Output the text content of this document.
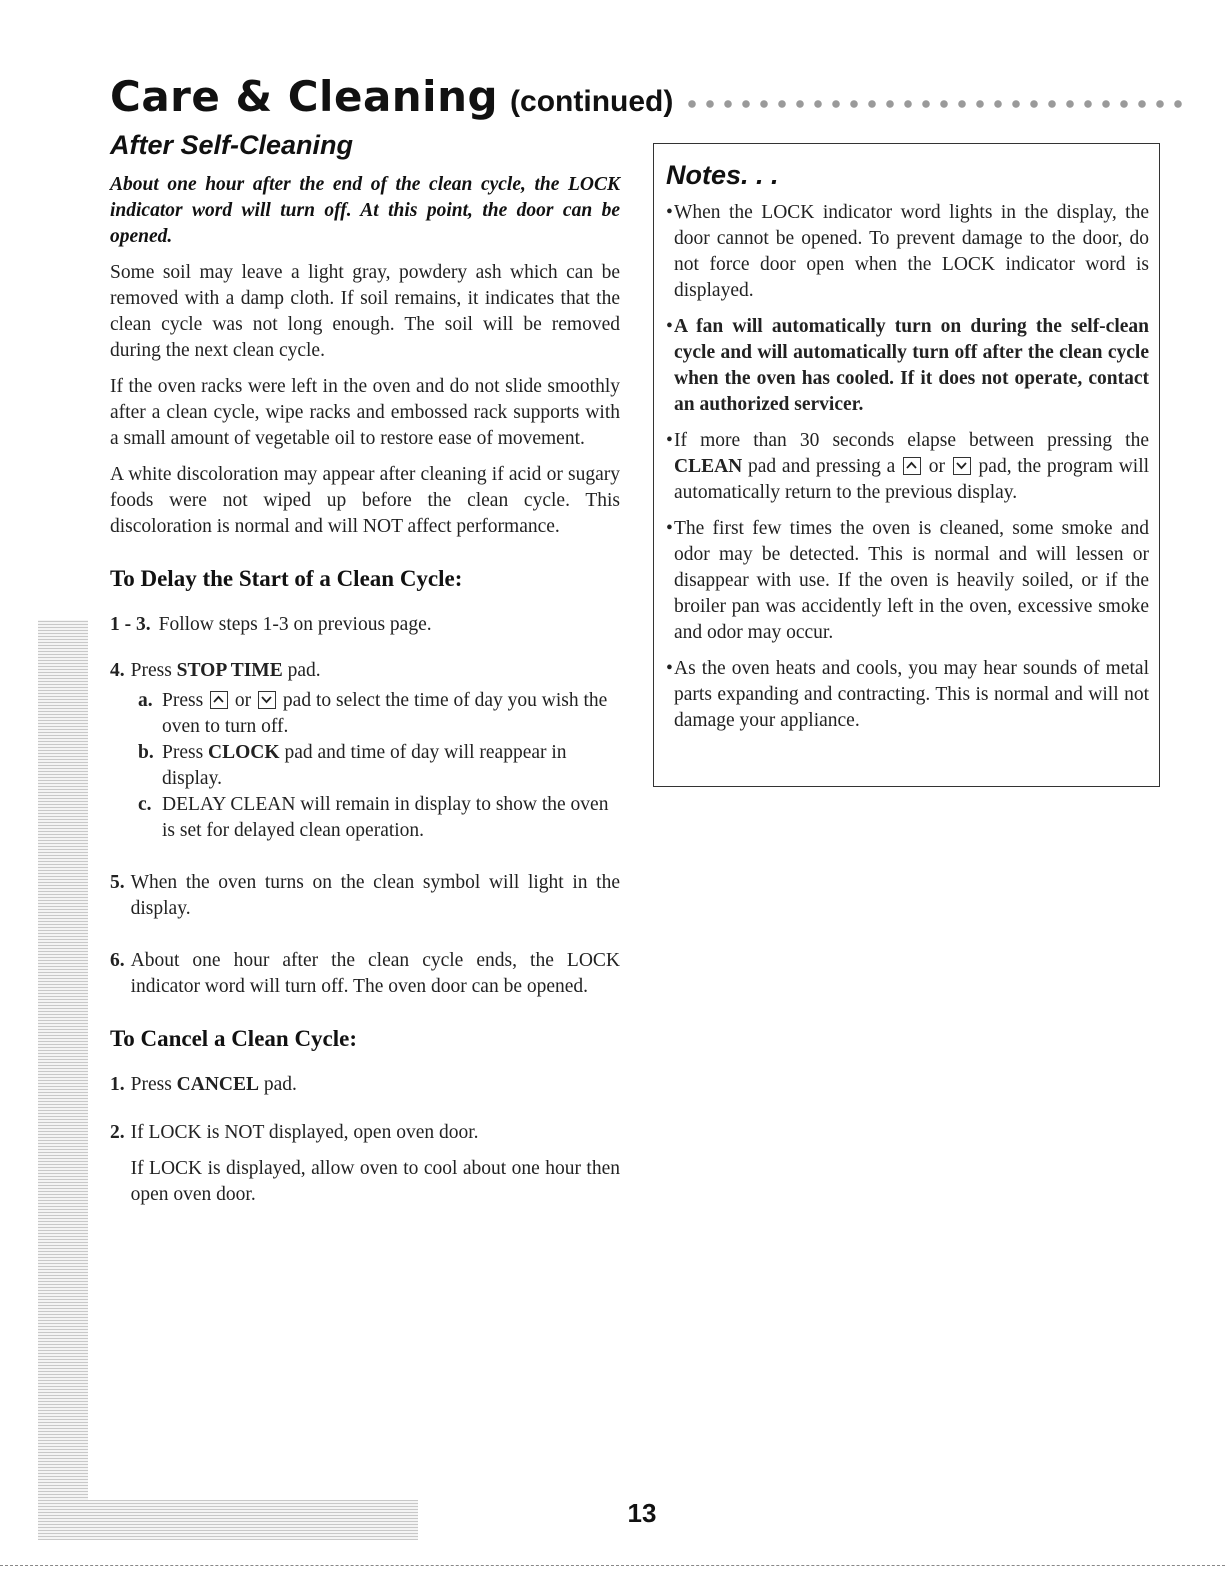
Care & Cleaning (continued)
After Self-Cleaning

About one hour after the end of the clean cycle, the LOCK indicator word will turn off. At this point, the door can be opened.

Some soil may leave a light gray, powdery ash which can be removed with a damp cloth. If soil remains, it indicates that the clean cycle was not long enough. The soil will be removed during the next clean cycle.

If the oven racks were left in the oven and do not slide smoothly after a clean cycle, wipe racks and embossed rack supports with a small amount of vegetable oil to restore ease of movement.

A white discoloration may appear after cleaning if acid or sugary foods were not wiped up before the clean cycle. This discoloration is normal and will NOT affect performance.

To Delay the Start of a Clean Cycle:
1 - 3. Follow steps 1-3 on previous page.
4. Press STOP TIME pad.
a. Press or pad to select the time of day you wish the oven to turn off.
b. Press CLOCK pad and time of day will reappear in display.
c. DELAY CLEAN will remain in display to show the oven is set for delayed clean operation.
5. When the oven turns on the clean symbol will light in the display.
6. About one hour after the clean cycle ends, the LOCK indicator word will turn off. The oven door can be opened.
To Cancel a Clean Cycle:
1. Press CANCEL pad.
2. If LOCK is NOT displayed, open oven door.
If LOCK is displayed, allow oven to cool about one hour then open oven door.
Notes. . .
• When the LOCK indicator word lights in the display, the door cannot be opened. To prevent damage to the door, do not force door open when the LOCK indicator word is displayed.
• A fan will automatically turn on during the self-clean cycle and will automatically turn off after the clean cycle when the oven has cooled. If it does not operate, contact an authorized servicer.
• If more than 30 seconds elapse between pressing the CLEAN pad and pressing a or pad, the program will automatically return to the previous display.
• The first few times the oven is cleaned, some smoke and odor may be detected. This is normal and will lessen or disappear with use. If the oven is heavily soiled, or if the broiler pan was accidently left in the oven, excessive smoke and odor may occur.
• As the oven heats and cools, you may hear sounds of metal parts expanding and contracting. This is normal and will not damage your appliance.
13
